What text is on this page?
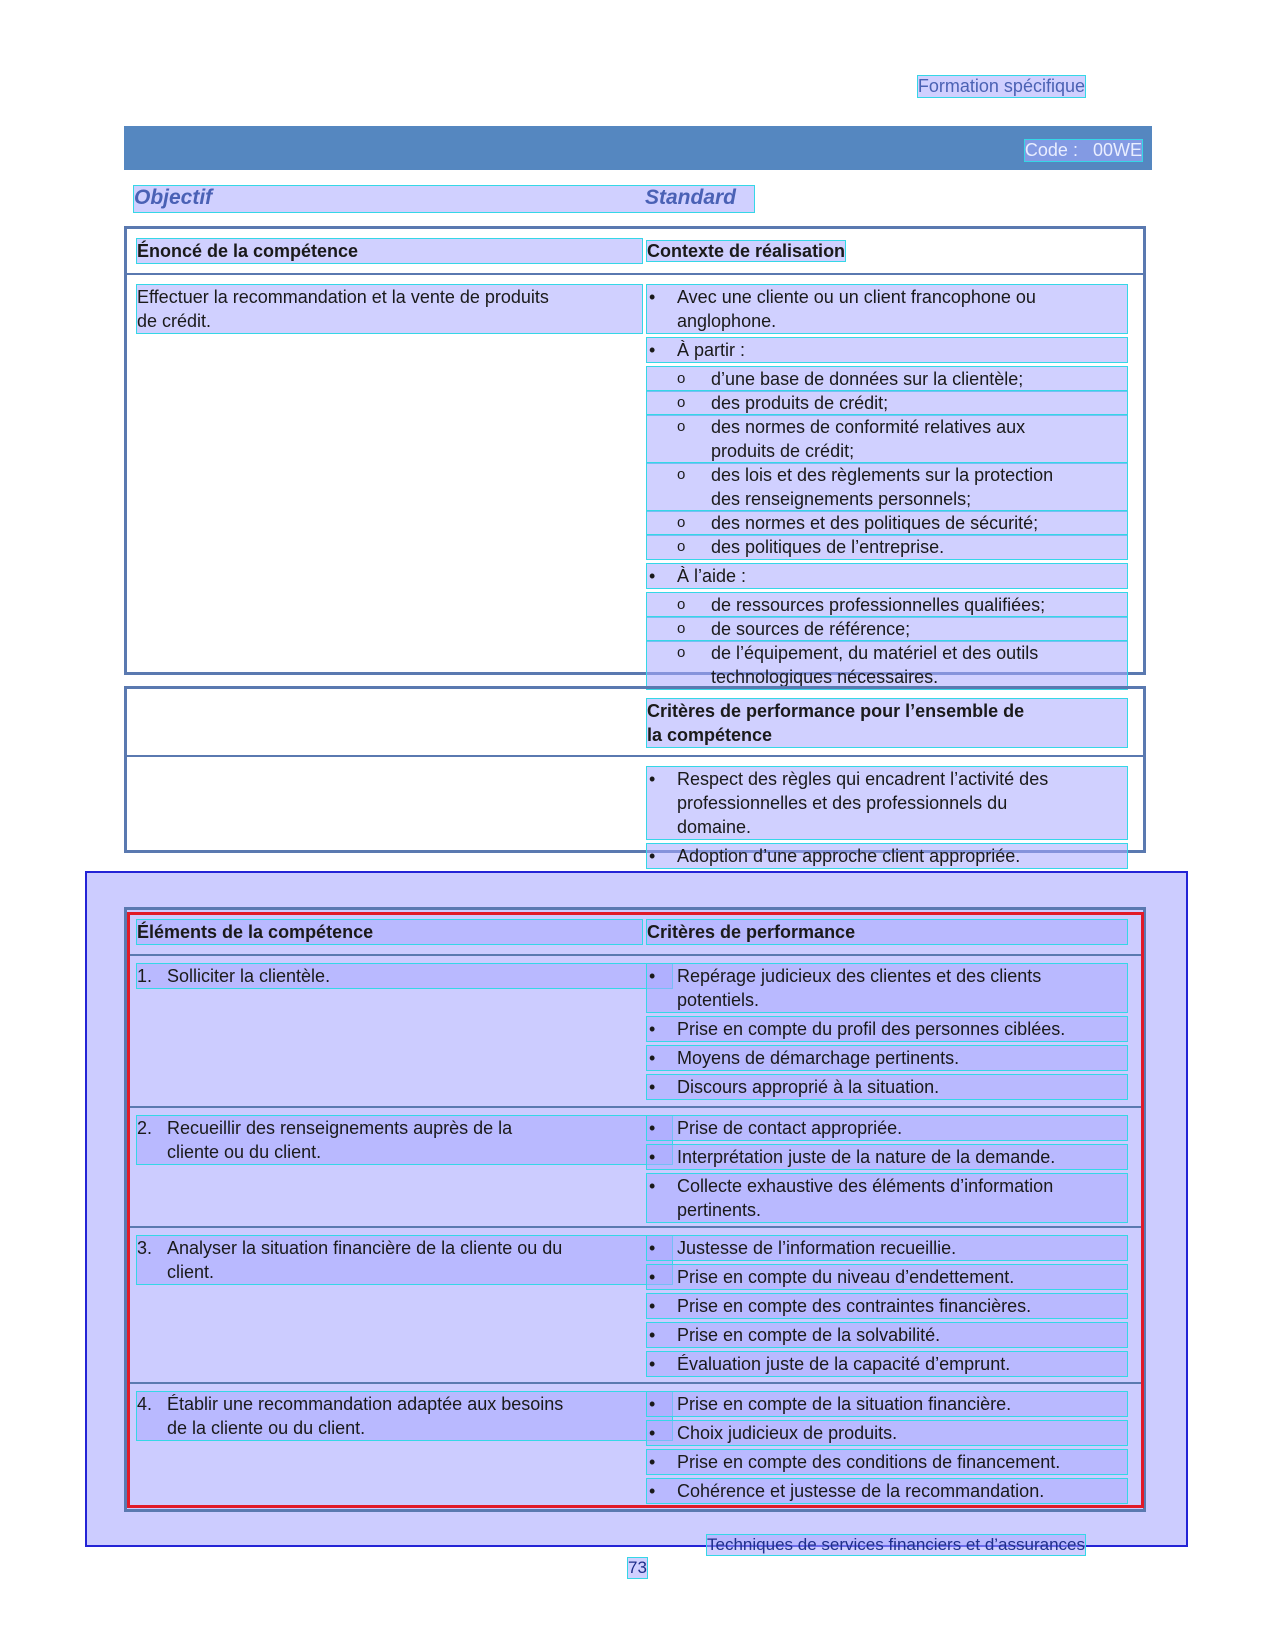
Formation spécifique
Code : 00WE
Objectif	Standard
Énoncé de la compétence	Contexte de réalisation
Effectuer la recommandation et la vente de produits
de crédit.
• Avec une cliente ou un client francophone ou
anglophone.
• À partir :
o d’une base de données sur la clientèle;
o des produits de crédit;
o des normes de conformité relatives aux
produits de crédit;
o des lois et des règlements sur la protection
des renseignements personnels;
o des normes et des politiques de sécurité;
o des politiques de l’entreprise.
• À l’aide :
o de ressources professionnelles qualifiées;
o de sources de référence;
o de l’équipement, du matériel et des outils
technologiques nécessaires.
Critères de performance pour l’ensemble de
la compétence
• Respect des règles qui encadrent l’activité des
professionnelles et des professionnels du
domaine.
• Adoption d’une approche client appropriée.
Éléments de la compétence	Critères de performance
1. Solliciter la clientèle.
•	Repérage judicieux des clientes et des clients
potentiels.
• Prise en compte du profil des personnes ciblées.
• Moyens de démarchage pertinents.
• Discours approprié à la situation.
2. Recueillir des renseignements auprès de la
cliente ou du client.
• Prise de contact appropriée.
• Interprétation juste de la nature de la demande.
• Collecte exhaustive des éléments d’information
pertinents.
3. Analyser la situation financière de la cliente ou du
client.
• Justesse de l’information recueillie.
• Prise en compte du niveau d’endettement.
• Prise en compte des contraintes financières.
• Prise en compte de la solvabilité.
• Évaluation juste de la capacité d’emprunt.
4. Établir une recommandation adaptée aux besoins
de la cliente ou du client.
• Prise en compte de la situation financière.
• Choix judicieux de produits.
• Prise en compte des conditions de financement.
• Cohérence et justesse de la recommandation.
Techniques de services financiers et d’assurances
73
